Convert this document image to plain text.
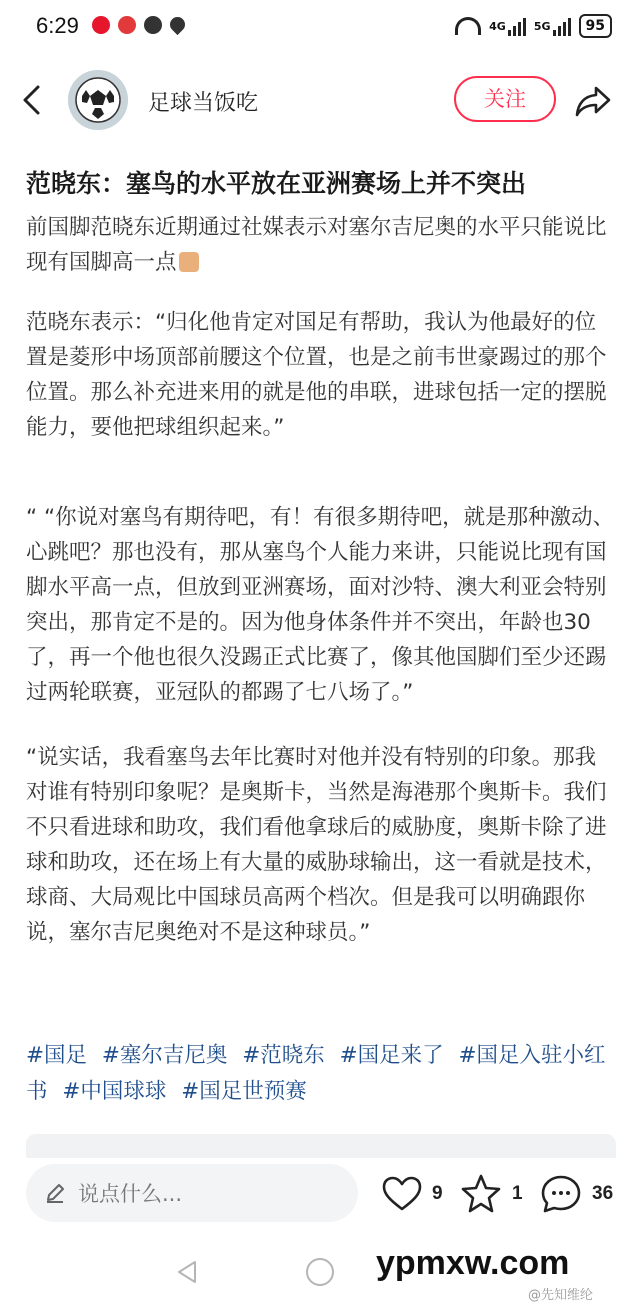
6:29	4G	5G	95
足球当饭吃	关注
范晓东：塞鸟的水平放在亚洲赛场上并不突出

前国脚范晓东近期通过社媒表示对塞尔吉尼奥的水平只能说比现有国脚高一点

范晓东表示：“归化他肯定对国足有帮助，我认为他最好的位置是菱形中场顶部前腰这个位置，也是之前韦世豪踢过的那个位置。那么补充进来用的就是他的串联，进球包括一定的摆脱能力，要他把球组织起来。”

“ “你说对塞鸟有期待吧，有！有很多期待吧，就是那种激动、心跳吧？那也没有，那从塞鸟个人能力来讲，只能说比现有国脚水平高一点，但放到亚洲赛场，面对沙特、澳大利亚会特别突出，那肯定不是的。因为他身体条件并不突出，年龄也30了，再一个他也很久没踢正式比赛了，像其他国脚们至少还踢过两轮联赛，亚冠队的都踢了七八场了。”

“说实话，我看塞鸟去年比赛时对他并没有特别的印象。那我对谁有特别印象呢？是奥斯卡，当然是海港那个奥斯卡。我们不只看进球和助攻，我们看他拿球后的威胁度，奥斯卡除了进球和助攻，还在场上有大量的威胁球输出，这一看就是技术，球商、大局观比中国球员高两个档次。但是我可以明确跟你说，塞尔吉尼奥绝对不是这种球员。”

#国足 #塞尔吉尼奥 #范晓东 #国足来了 #国足入驻小红书 #中国球球 #国足世预赛

说点什么...	9	1	36
ypmxw.com
@先知维纶
